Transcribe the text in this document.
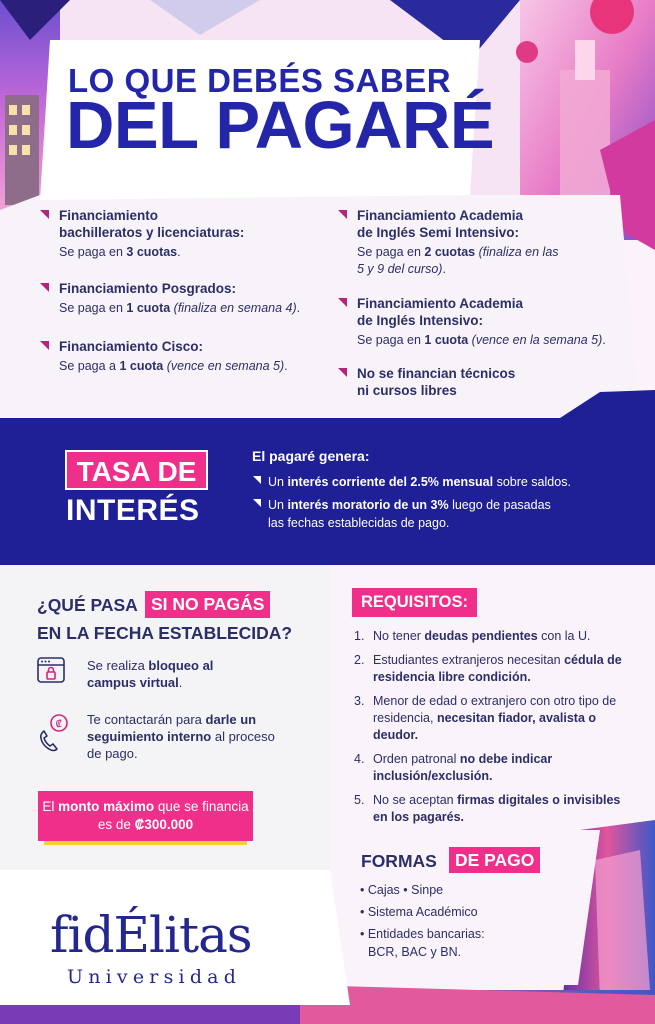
LO QUE DEBÉS SABER
DEL PAGARÉ
Financiamiento
bachilleratos y licenciaturas:
Se paga en 3 cuotas.
Financiamiento Posgrados:
Se paga en 1 cuota (finaliza en semana 4).
Financiamiento Cisco:
Se paga a 1 cuota (vence en semana 5).
Financiamiento Academia
de Inglés Semi Intensivo:
Se paga en 2 cuotas (finaliza en las 5 y 9 del curso).
Financiamiento Academia
de Inglés Intensivo:
Se paga en 1 cuota (vence en la semana 5).
No se financian técnicos
ni cursos libres
TASA DE
INTERÉS
El pagaré genera:
Un interés corriente del 2.5% mensual sobre saldos.
Un interés moratorio de un 3% luego de pasadas las fechas establecidas de pago.
¿QUÉ PASA SI NO PAGÁS
EN LA FECHA ESTABLECIDA?
Se realiza bloqueo al campus virtual.
₡ Te contactarán para darle un seguimiento interno al proceso de pago.
El monto máximo que se financia es de ₡300.000
fidÉlitas
Universidad
REQUISITOS:
1. No tener deudas pendientes con la U.
2. Estudiantes extranjeros necesitan cédula de residencia libre condición.
3. Menor de edad o extranjero con otro tipo de residencia, necesitan fiador, avalista o deudor.
4. Orden patronal no debe indicar inclusión/exclusión.
5. No se aceptan firmas digitales o invisibles en los pagarés.
FORMAS	DE PAGO
• Cajas • Sinpe
• Sistema Académico
• Entidades bancarias:
BCR, BAC y BN.
